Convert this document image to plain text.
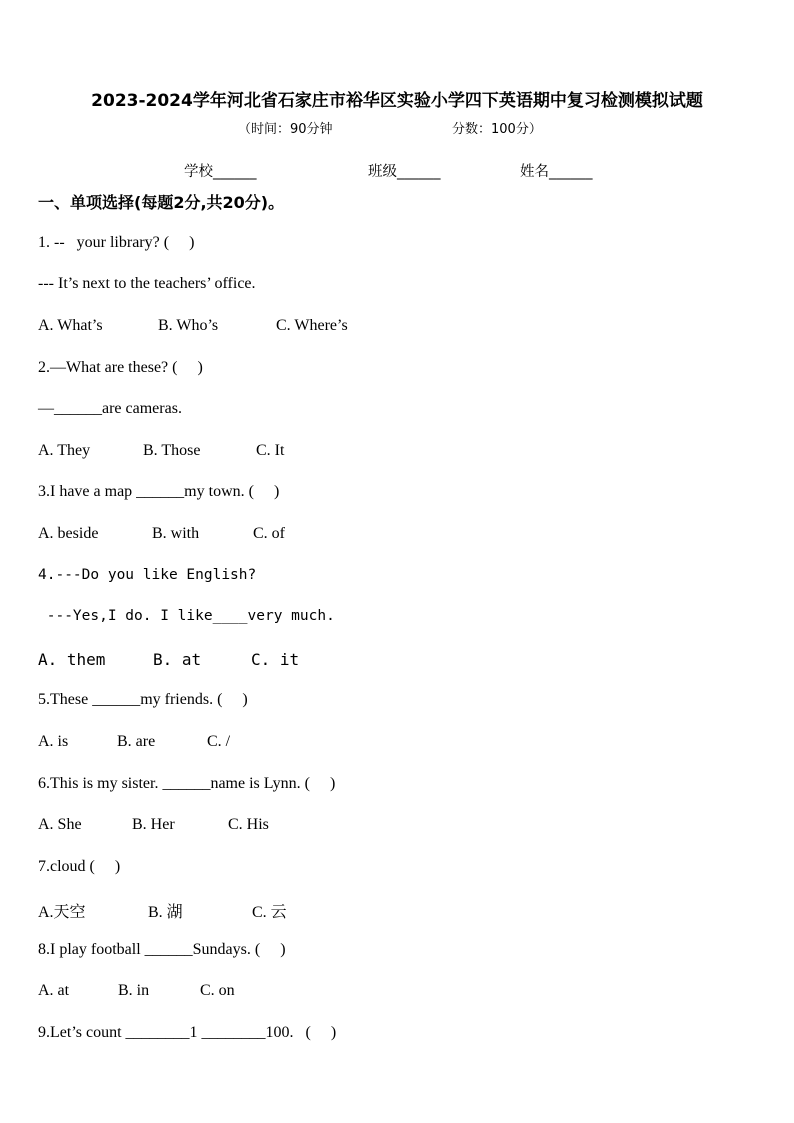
2023-2024学年河北省石家庄市裕华区实验小学四下英语期中复习检测模拟试题
（时间：90分钟	分数：100分）
学校______	班级______	姓名______
一、单项选择(每题2分,共20分)。
1. --   your library? (     )
--- It’s next to the teachers’ office.

A. What’s

	B. Who’s

	C. Where’s

2.—What are these? (     )
—______are cameras.

A. They

	B. Those

	C. It

3.I have a map ______my town. (     )

A. beside

	B. with

	C. of

4.---Do you like English?
---Yes,I do. I like____very much.

A. them

	B. at

	C. it

5.These ______my friends. (     )

A. is

	B. are

	C. /

6.This is my sister. ______name is Lynn. (     )

A. She

	B. Her

	C. His

7.cloud (     )

A.天空

	B. 湖

	C. 云

8.I play football ______Sundays. (     )

A. at

	B. in

	C. on

9.Let’s count ________1 ________100.   (     )
